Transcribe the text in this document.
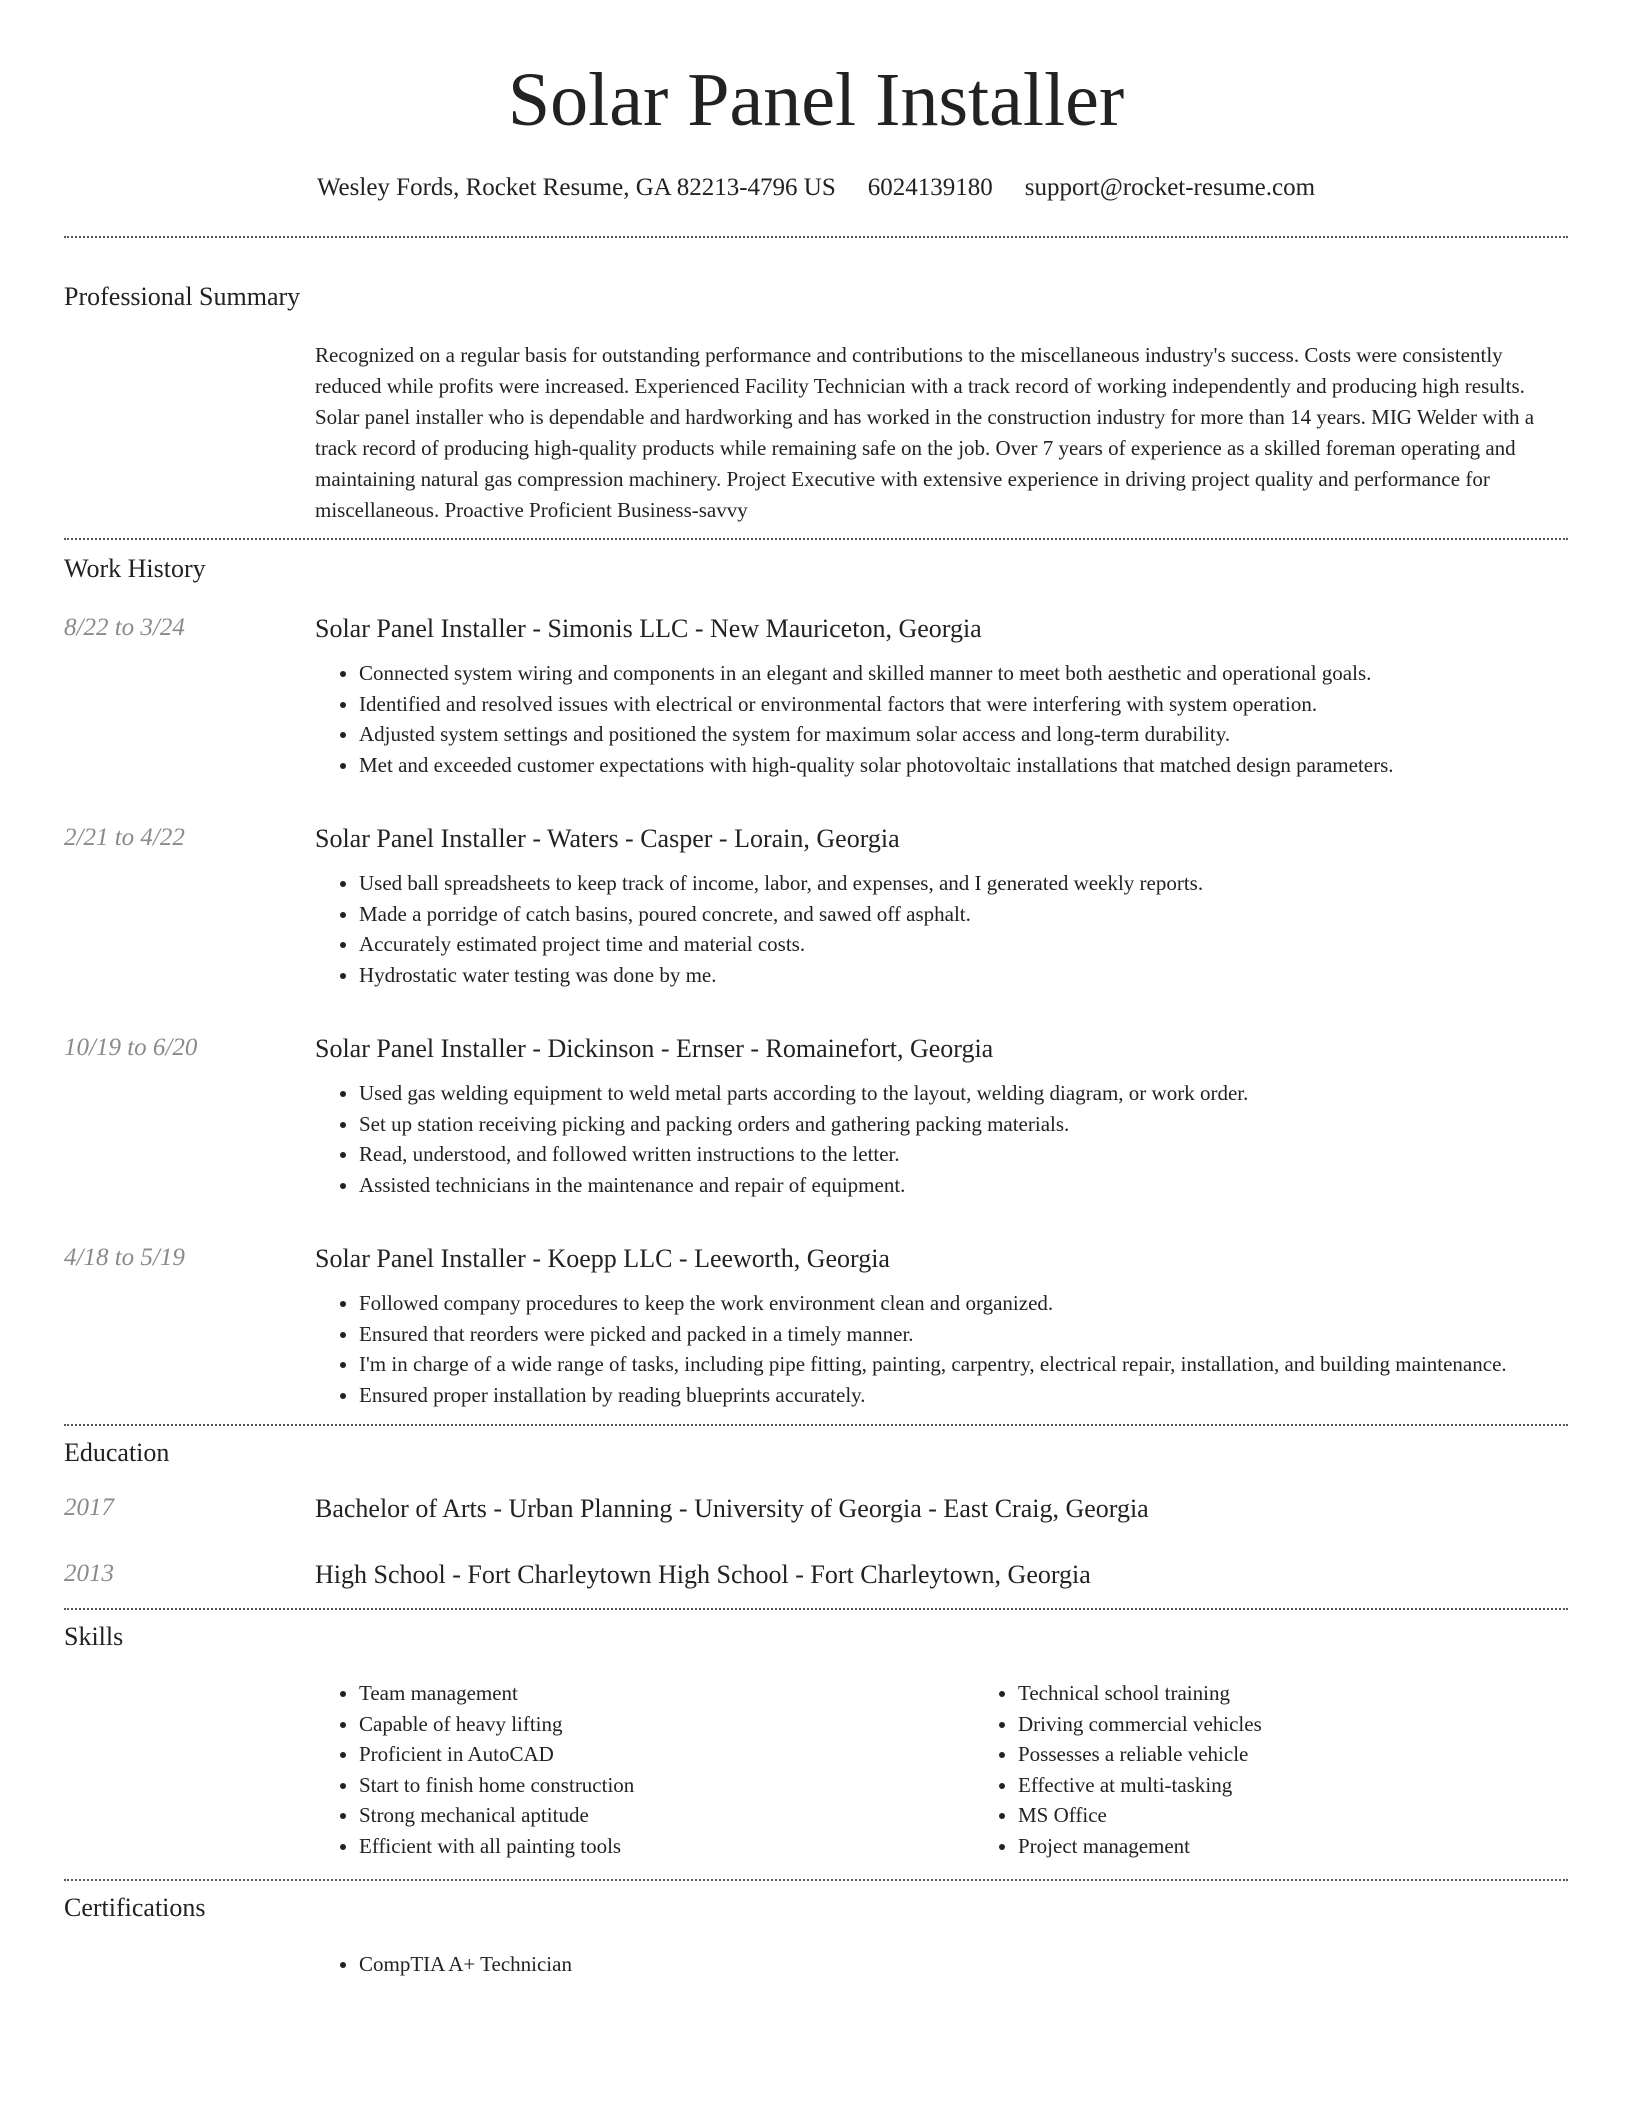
Solar Panel Installer
Wesley Fords, Rocket Resume, GA 82213-4796 US 6024139180 support@rocket-resume.com
Professional Summary

Recognized on a regular basis for outstanding performance and contributions to the miscellaneous industry's success. Costs were consistently reduced while profits were increased. Experienced Facility Technician with a track record of working independently and producing high results. Solar panel installer who is dependable and hardworking and has worked in the construction industry for more than 14 years. MIG Welder with a track record of producing high-quality products while remaining safe on the job. Over 7 years of experience as a skilled foreman operating and maintaining natural gas compression machinery. Project Executive with extensive experience in driving project quality and performance for miscellaneous. Proactive Proficient Business-savvy

Work History
8/22 to 3/24	Solar Panel Installer - Simonis LLC - New Mauriceton, Georgia
• Connected system wiring and components in an elegant and skilled manner to meet both aesthetic and operational goals.
• Identified and resolved issues with electrical or environmental factors that were interfering with system operation.
• Adjusted system settings and positioned the system for maximum solar access and long-term durability.
• Met and exceeded customer expectations with high-quality solar photovoltaic installations that matched design parameters.
2/21 to 4/22	Solar Panel Installer - Waters - Casper - Lorain, Georgia
• Used ball spreadsheets to keep track of income, labor, and expenses, and I generated weekly reports.
• Made a porridge of catch basins, poured concrete, and sawed off asphalt.
• Accurately estimated project time and material costs.
• Hydrostatic water testing was done by me.
10/19 to 6/20	Solar Panel Installer - Dickinson - Ernser - Romainefort, Georgia
• Used gas welding equipment to weld metal parts according to the layout, welding diagram, or work order.
• Set up station receiving picking and packing orders and gathering packing materials.
• Read, understood, and followed written instructions to the letter.
• Assisted technicians in the maintenance and repair of equipment.
4/18 to 5/19	Solar Panel Installer - Koepp LLC - Leeworth, Georgia
• Followed company procedures to keep the work environment clean and organized.
• Ensured that reorders were picked and packed in a timely manner.
• I'm in charge of a wide range of tasks, including pipe fitting, painting, carpentry, electrical repair, installation, and building maintenance.
• Ensured proper installation by reading blueprints accurately.
Education
2017	Bachelor of Arts - Urban Planning - University of Georgia - East Craig, Georgia
2013	High School - Fort Charleytown High School - Fort Charleytown, Georgia
Skills
• Team management
• Capable of heavy lifting
• Proficient in AutoCAD
• Start to finish home construction
• Strong mechanical aptitude
• Efficient with all painting tools
• Technical school training
• Driving commercial vehicles
• Possesses a reliable vehicle
• Effective at multi-tasking
• MS Office
• Project management
Certifications
• CompTIA A+ Technician
